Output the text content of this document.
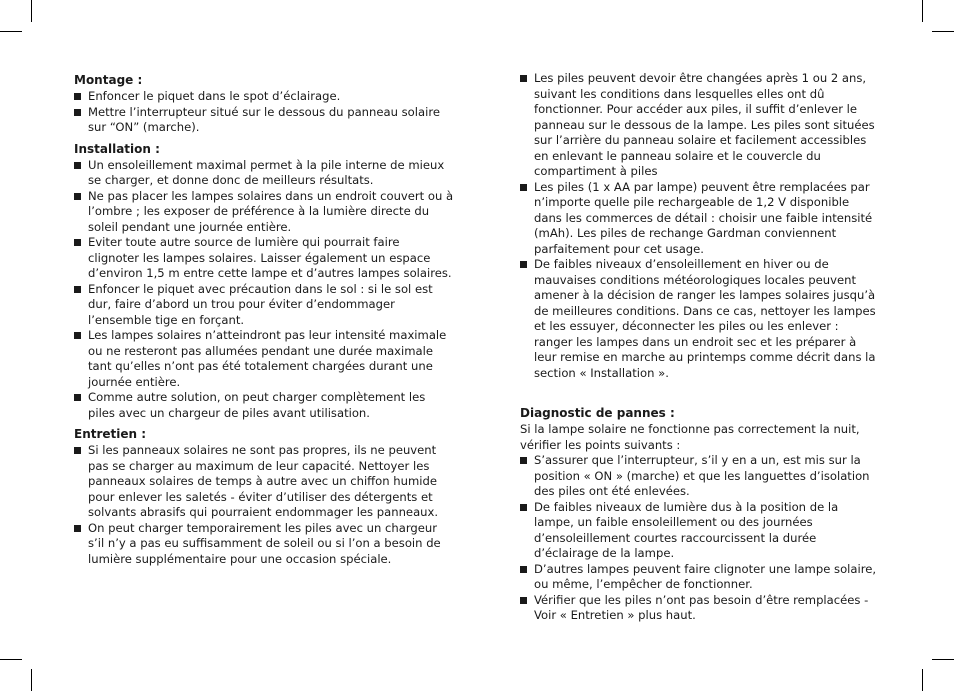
Montage :
Enfoncer le piquet dans le spot d’éclairage.
Mettre l’interrupteur situé sur le dessous du panneau solaire sur “ON” (marche).
Installation :
Un ensoleillement maximal permet à la pile interne de mieux se charger, et donne donc de meilleurs résultats.
Ne pas placer les lampes solaires dans un endroit couvert ou à l’ombre ; les exposer de préférence à la lumière directe du soleil pendant une journée entière.
Eviter toute autre source de lumière qui pourrait faire clignoter les lampes solaires. Laisser également un espace d’environ 1,5 m entre cette lampe et d’autres lampes solaires.
Enfoncer le piquet avec précaution dans le sol : si le sol est dur, faire d’abord un trou pour éviter d’endommager l’ensemble tige en forçant.
Les lampes solaires n’atteindront pas leur intensité maximale ou ne resteront pas allumées pendant une durée maximale tant qu’elles n’ont pas été totalement chargées durant une journée entière.
Comme autre solution, on peut charger complètement les piles avec un chargeur de piles avant utilisation.
Entretien :
Si les panneaux solaires ne sont pas propres, ils ne peuvent pas se charger au maximum de leur capacité. Nettoyer les panneaux solaires de temps à autre avec un chiffon humide pour enlever les saletés - éviter d’utiliser des détergents et solvants abrasifs qui pourraient endommager les panneaux.
On peut charger temporairement les piles avec un chargeur s’il n’y a pas eu suffisamment de soleil ou si l’on a besoin de lumière supplémentaire pour une occasion spéciale.
Les piles peuvent devoir être changées après 1 ou 2 ans, suivant les conditions dans lesquelles elles ont dû fonctionner. Pour accéder aux piles, il suffit d’enlever le panneau sur le dessous de la lampe. Les piles sont situées sur l’arrière du panneau solaire et facilement accessibles en enlevant le panneau solaire et le couvercle du compartiment à piles
Les piles (1 x AA par lampe) peuvent être remplacées par n’importe quelle pile rechargeable de 1,2 V disponible dans les commerces de détail : choisir une faible intensité (mAh). Les piles de rechange Gardman conviennent parfaitement pour cet usage.
De faibles niveaux d’ensoleillement en hiver ou de mauvaises conditions météorologiques locales peuvent amener à la décision de ranger les lampes solaires jusqu’à de meilleures conditions. Dans ce cas, nettoyer les lampes et les essuyer, déconnecter les piles ou les enlever : ranger les lampes dans un endroit sec et les préparer à leur remise en marche au printemps comme décrit dans la section « Installation ».
Diagnostic de pannes :

Si la lampe solaire ne fonctionne pas correctement la nuit, vérifier les points suivants :

S’assurer que l’interrupteur, s’il y en a un, est mis sur la position « ON » (marche) et que les languettes d’isolation des piles ont été enlevées.
De faibles niveaux de lumière dus à la position de la lampe, un faible ensoleillement ou des journées d’ensoleillement courtes raccourcissent la durée d’éclairage de la lampe.
D’autres lampes peuvent faire clignoter une lampe solaire, ou même, l’empêcher de fonctionner.
Vérifier que les piles n’ont pas besoin d’être remplacées - Voir « Entretien » plus haut.
